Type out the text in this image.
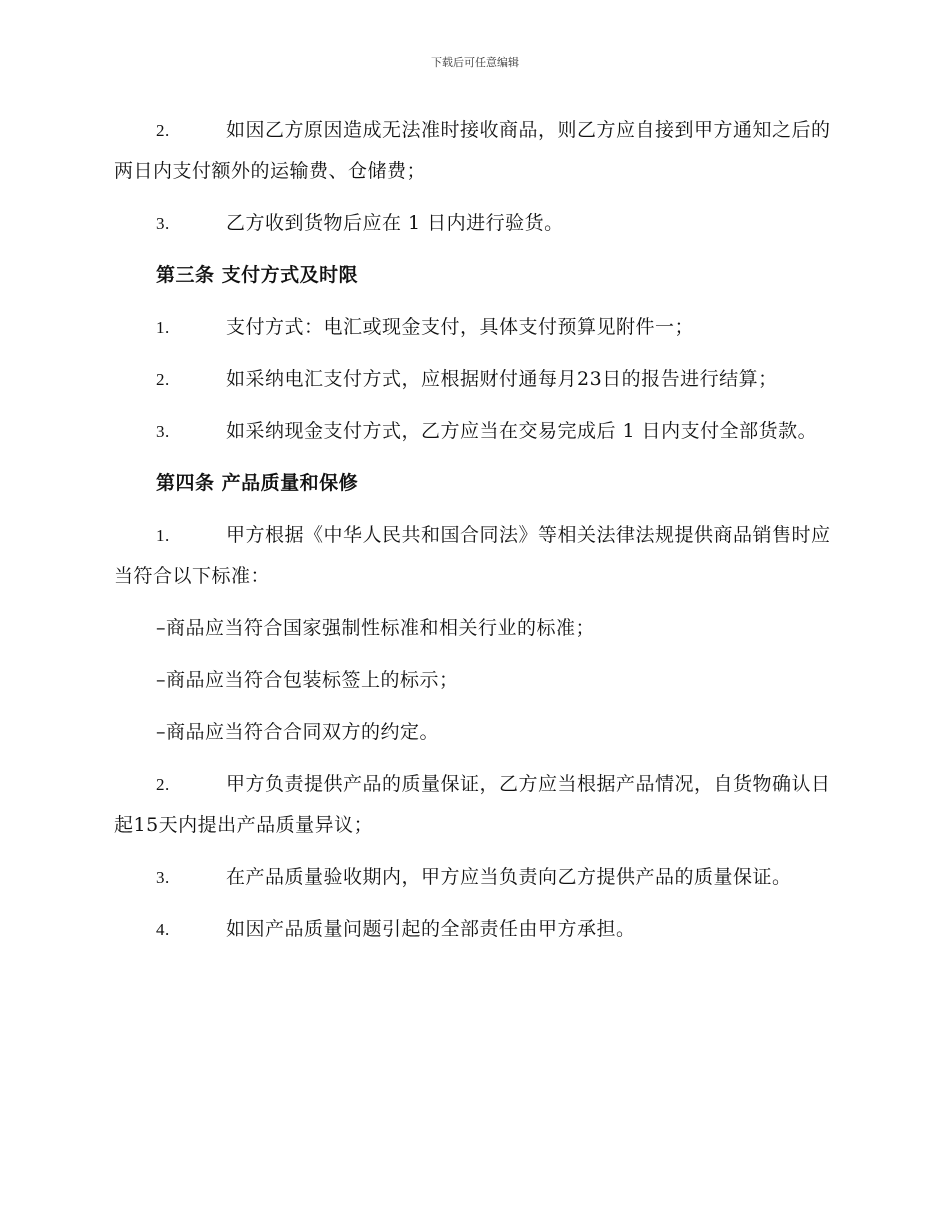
下载后可任意编辑

2.	如因乙方原因造成无法准时接收商品，则乙方应自接到甲方通知之后的两日内支付额外的运输费、仓储费；

3.	乙方收到货物后应在 1 日内进行验货。

第三条 支付方式及时限

1.	支付方式：电汇或现金支付，具体支付预算见附件一；

2.	如采纳电汇支付方式，应根据财付通每月23日的报告进行结算；

3.	如采纳现金支付方式，乙方应当在交易完成后 1 日内支付全部货款。

第四条 产品质量和保修

1.	甲方根据《中华人民共和国合同法》等相关法律法规提供商品销售时应当符合以下标准：

–商品应当符合国家强制性标准和相关行业的标准；

–商品应当符合包装标签上的标示；

–商品应当符合合同双方的约定。

2.	甲方负责提供产品的质量保证，乙方应当根据产品情况，自货物确认日起15天内提出产品质量异议；

3.	在产品质量验收期内，甲方应当负责向乙方提供产品的质量保证。

4.	如因产品质量问题引起的全部责任由甲方承担。
